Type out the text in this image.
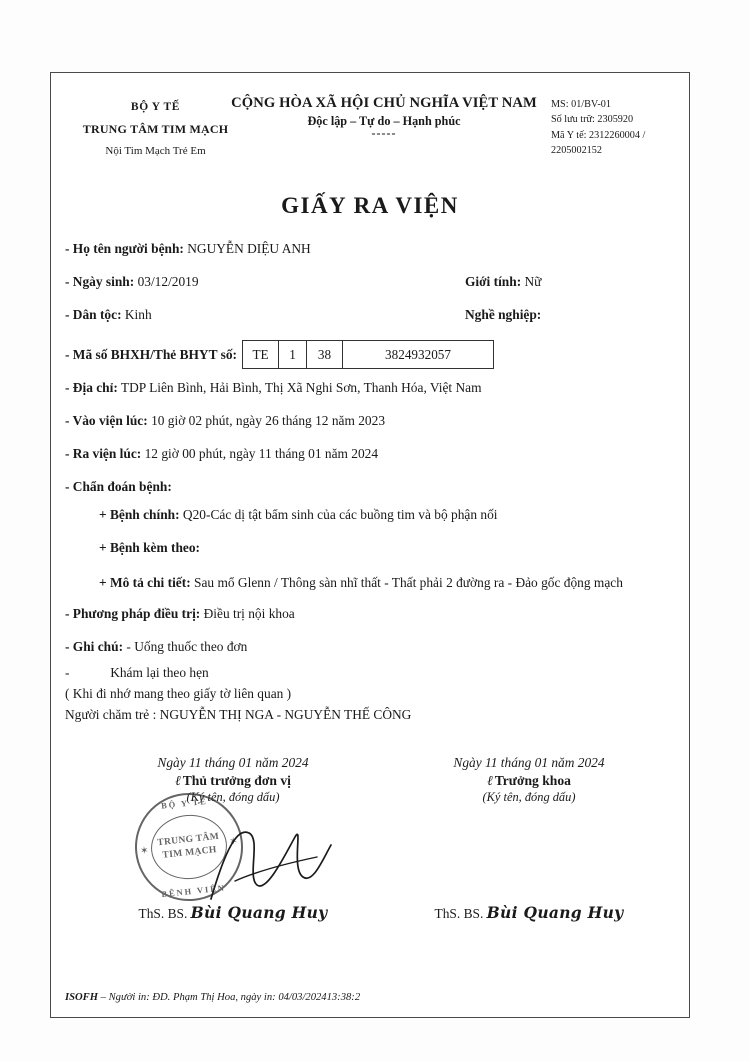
BỘ Y TẾ
TRUNG TÂM TIM MẠCH
Nội Tim Mạch Trẻ Em
CỘNG HÒA XÃ HỘI CHỦ NGHĨA VIỆT NAM
Độc lập – Tự do – Hạnh phúc
-----
MS: 01/BV-01
Số lưu trữ: 2305920
Mã Y tế: 2312260004 /
2205002152
GIẤY RA VIỆN
- Họ tên người bệnh: NGUYỄN DIỆU ANH
- Ngày sinh: 03/12/2019	Giới tính: Nữ
- Dân tộc: Kinh	Nghề nghiệp:
- Mã số BHXH/Thẻ BHYT số:	TE	1	38	3824932057
- Địa chỉ: TDP Liên Bình, Hải Bình, Thị Xã Nghi Sơn, Thanh Hóa, Việt Nam
- Vào viện lúc: 10 giờ 02 phút, ngày 26 tháng 12 năm 2023
- Ra viện lúc: 12 giờ 00 phút, ngày 11 tháng 01 năm 2024
- Chẩn đoán bệnh:
+ Bệnh chính: Q20-Các dị tật bẩm sinh của các buồng tim và bộ phận nối
+ Bệnh kèm theo:
+ Mô tả chi tiết: Sau mổ Glenn / Thông sàn nhĩ thất - Thất phải 2 đường ra - Đảo gốc động mạch
- Phương pháp điều trị: Điều trị nội khoa
- Ghi chú: - Uống thuốc theo đơn
-	Khám lại theo hẹn
( Khi đi nhớ mang theo giấy tờ liên quan )
Người chăm trẻ : NGUYỄN THỊ NGA - NGUYỄN THẾ CÔNG
Ngày 11 tháng 01 năm 2024
ℓ Thủ trưởng đơn vị
(Ký tên, đóng dấu)
BỘ Y TẾ
✶
✶
TRUNG TÂM
TIM MẠCH
BỆNH VIỆN
ThS. BS. Bùi Quang Huy
Ngày 11 tháng 01 năm 2024
ℓ Trưởng khoa
(Ký tên, đóng dấu)
ThS. BS. Bùi Quang Huy
ISOFH – Người in: ĐD. Phạm Thị Hoa, ngày in: 04/03/202413:38:2
